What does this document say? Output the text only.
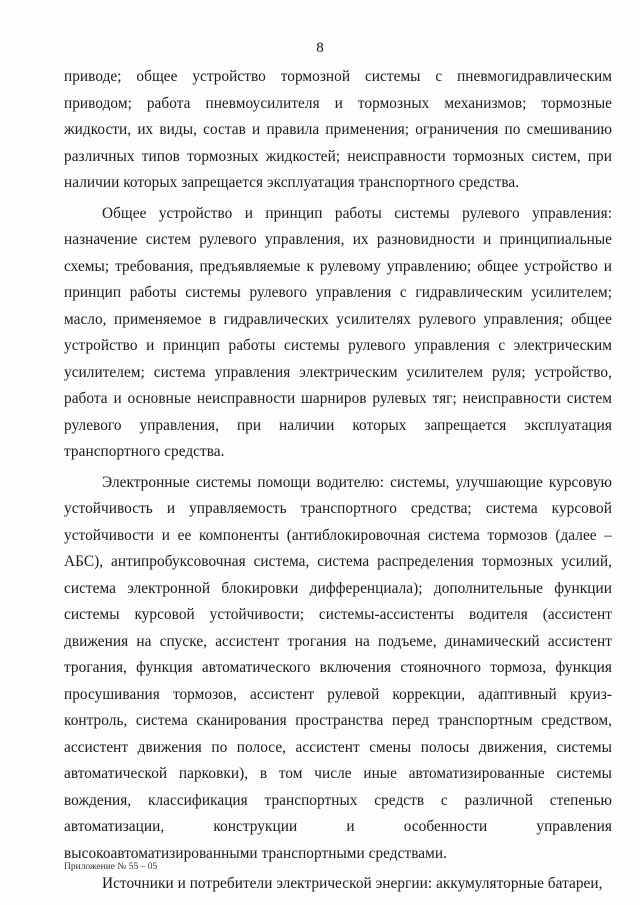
8

приводе; общее устройство тормозной системы с пневмогидравлическим приводом; работа пневмоусилителя и тормозных механизмов; тормозные жидкости, их виды, состав и правила применения; ограничения по смешиванию различных типов тормозных жидкостей; неисправности тормозных систем, при наличии которых запрещается эксплуатация транспортного средства.

Общее устройство и принцип работы системы рулевого управления: назначение систем рулевого управления, их разновидности и принципиальные схемы; требования, предъявляемые к рулевому управлению; общее устройство и принцип работы системы рулевого управления с гидравлическим усилителем; масло, применяемое в гидравлических усилителях рулевого управления; общее устройство и принцип работы системы рулевого управления с электрическим усилителем; система управления электрическим усилителем руля; устройство, работа и основные неисправности шарниров рулевых тяг; неисправности систем рулевого управления, при наличии которых запрещается эксплуатация транспортного средства.

Электронные системы помощи водителю: системы, улучшающие курсовую устойчивость и управляемость транспортного средства; система курсовой устойчивости и ее компоненты (антиблокировочная система тормозов (далее – АБС), антипробуксовочная система, система распределения тормозных усилий, система электронной блокировки дифференциала); дополнительные функции системы курсовой устойчивости; системы-ассистенты водителя (ассистент движения на спуске, ассистент трогания на подъеме, динамический ассистент трогания, функция автоматического включения стояночного тормоза, функция просушивания тормозов, ассистент рулевой коррекции, адаптивный круиз-контроль, система сканирования пространства перед транспортным средством, ассистент движения по полосе, ассистент смены полосы движения, системы автоматической парковки), в том числе иные автоматизированные системы вождения, классификация транспортных средств с различной степенью автоматизации, конструкции и особенности управления высокоавтоматизированными транспортными средствами.

Источники и потребители электрической энергии: аккумуляторные батареи,

Приложение № 55 – 05
